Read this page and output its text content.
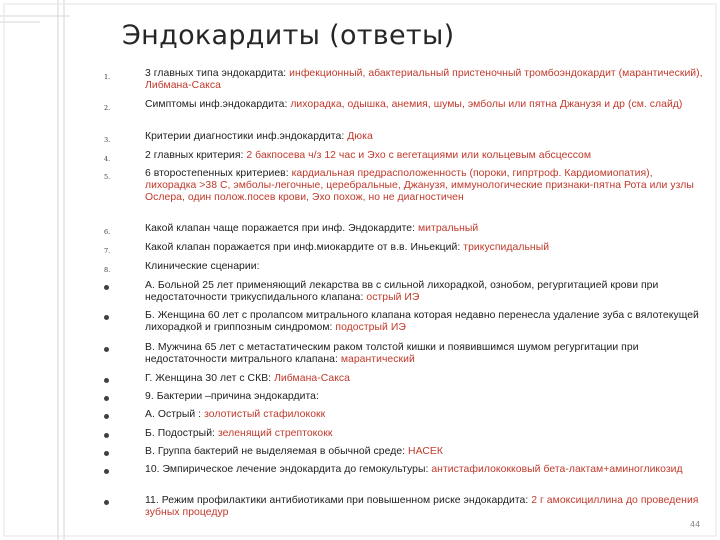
Эндокардиты (ответы)
1.	3 главных типа эндокардита: инфекционный, абактериальный пристеночный тромбоэндокардит (марантический), Либмана-Сакса
2.	Симптомы инф.эндокардита: лихорадка, одышка, анемия, шумы, эмболы или пятна Джанузя и др (см. слайд)
3.	Критерии диагностики инф.эндокардита: Дюка
4.	2 главных критерия: 2 бакпосева ч/з 12 час и Эхо с вегетациями или кольцевым абсцессом
5.	6 второстепенных критериев: кардиальная предрасположенность (пороки, гипртроф. Кардиомиопатия), лихорадка >38 С, эмболы-легочные, церебральные, Джанузя, иммунологические признаки-пятна Рота или узлы Ослера, один полож.посев крови, Эхо похож, но не диагностичен
6.	Какой клапан чаще поражается при инф. Эндокардите: митральный
7.	Какой клапан поражается при инф.миокардите от в.в. Иньекций: трикуспидальный
8.	Клинические сценарии:
А. Больной 25 лет применяющий лекарства вв с сильной лихорадкой, ознобом, регургитацией крови при недостаточности трикуспидального клапана: острый ИЭ
Б. Женщина 60 лет с пролапсом митрального клапана которая недавно перенесла удаление зуба с вялотекущей лихорадкой и гриппозным синдромом: подострый ИЭ
В. Мужчина 65 лет с метастатическим раком толстой кишки и появившимся шумом регургитации при недостаточности митрального клапана: марантический
Г. Женщина 30 лет с СКВ: Либмана-Сакса
9. Бактерии –причина эндокардита:
А. Острый : золотистый стафилококк
Б. Подострый: зеленящий стрептококк
В. Группа бактерий не выделяемая в обычной среде: НАСЕК
10. Эмпирическое лечение эндокардита до гемокультуры: антистафилококковый бета-лактам+аминогликозид
11. Режим профилактики антибиотиками при повышенном риске эндокардита: 2 г амоксициллина до проведения зубных процедур
44
